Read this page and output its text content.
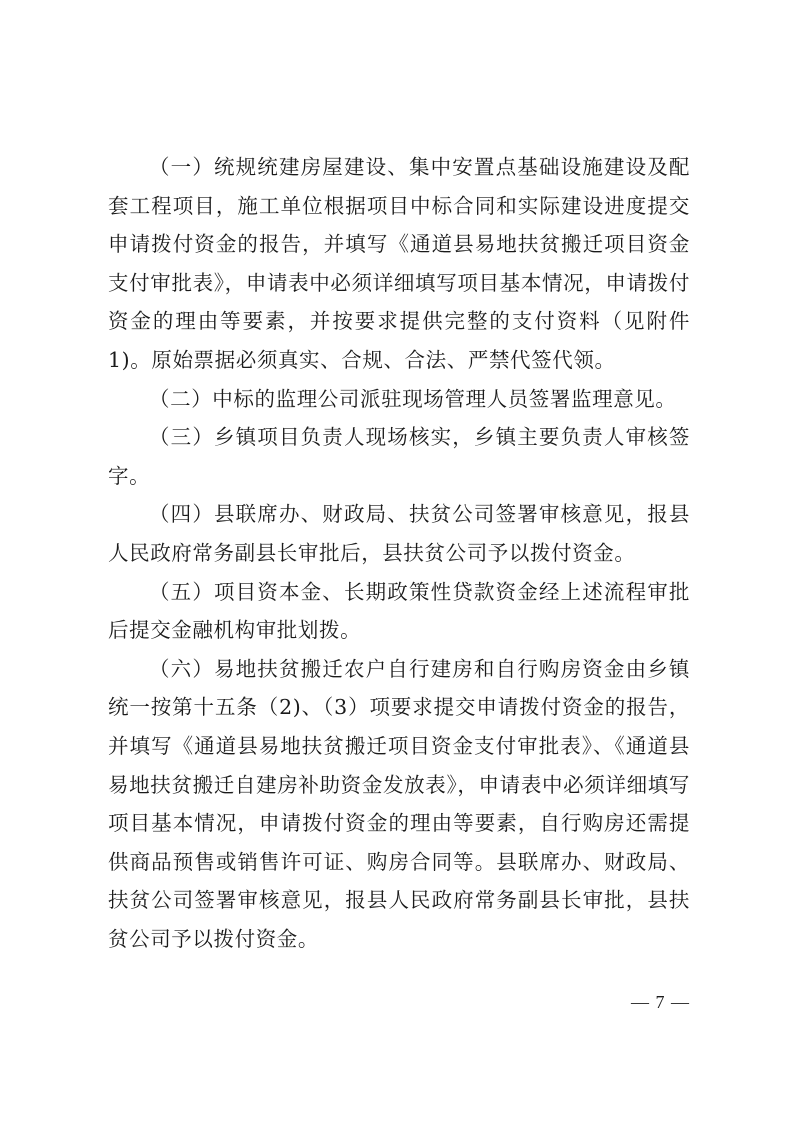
（一）统规统建房屋建设、集中安置点基础设施建设及配套工程项目，施工单位根据项目中标合同和实际建设进度提交申请拨付资金的报告，并填写《通道县易地扶贫搬迁项目资金支付审批表》，申请表中必须详细填写项目基本情况，申请拨付资金的理由等要素，并按要求提供完整的支付资料（见附件1)。原始票据必须真实、合规、合法、严禁代签代领。

（二）中标的监理公司派驻现场管理人员签署监理意见。

（三）乡镇项目负责人现场核实，乡镇主要负责人审核签字。

（四）县联席办、财政局、扶贫公司签署审核意见，报县人民政府常务副县长审批后，县扶贫公司予以拨付资金。

（五）项目资本金、长期政策性贷款资金经上述流程审批后提交金融机构审批划拨。

（六）易地扶贫搬迁农户自行建房和自行购房资金由乡镇统一按第十五条（2)、（3）项要求提交申请拨付资金的报告，并填写《通道县易地扶贫搬迁项目资金支付审批表》、《通道县易地扶贫搬迁自建房补助资金发放表》，申请表中必须详细填写项目基本情况，申请拨付资金的理由等要素，自行购房还需提供商品预售或销售许可证、购房合同等。县联席办、财政局、扶贫公司签署审核意见，报县人民政府常务副县长审批，县扶贫公司予以拨付资金。

— 7 —
